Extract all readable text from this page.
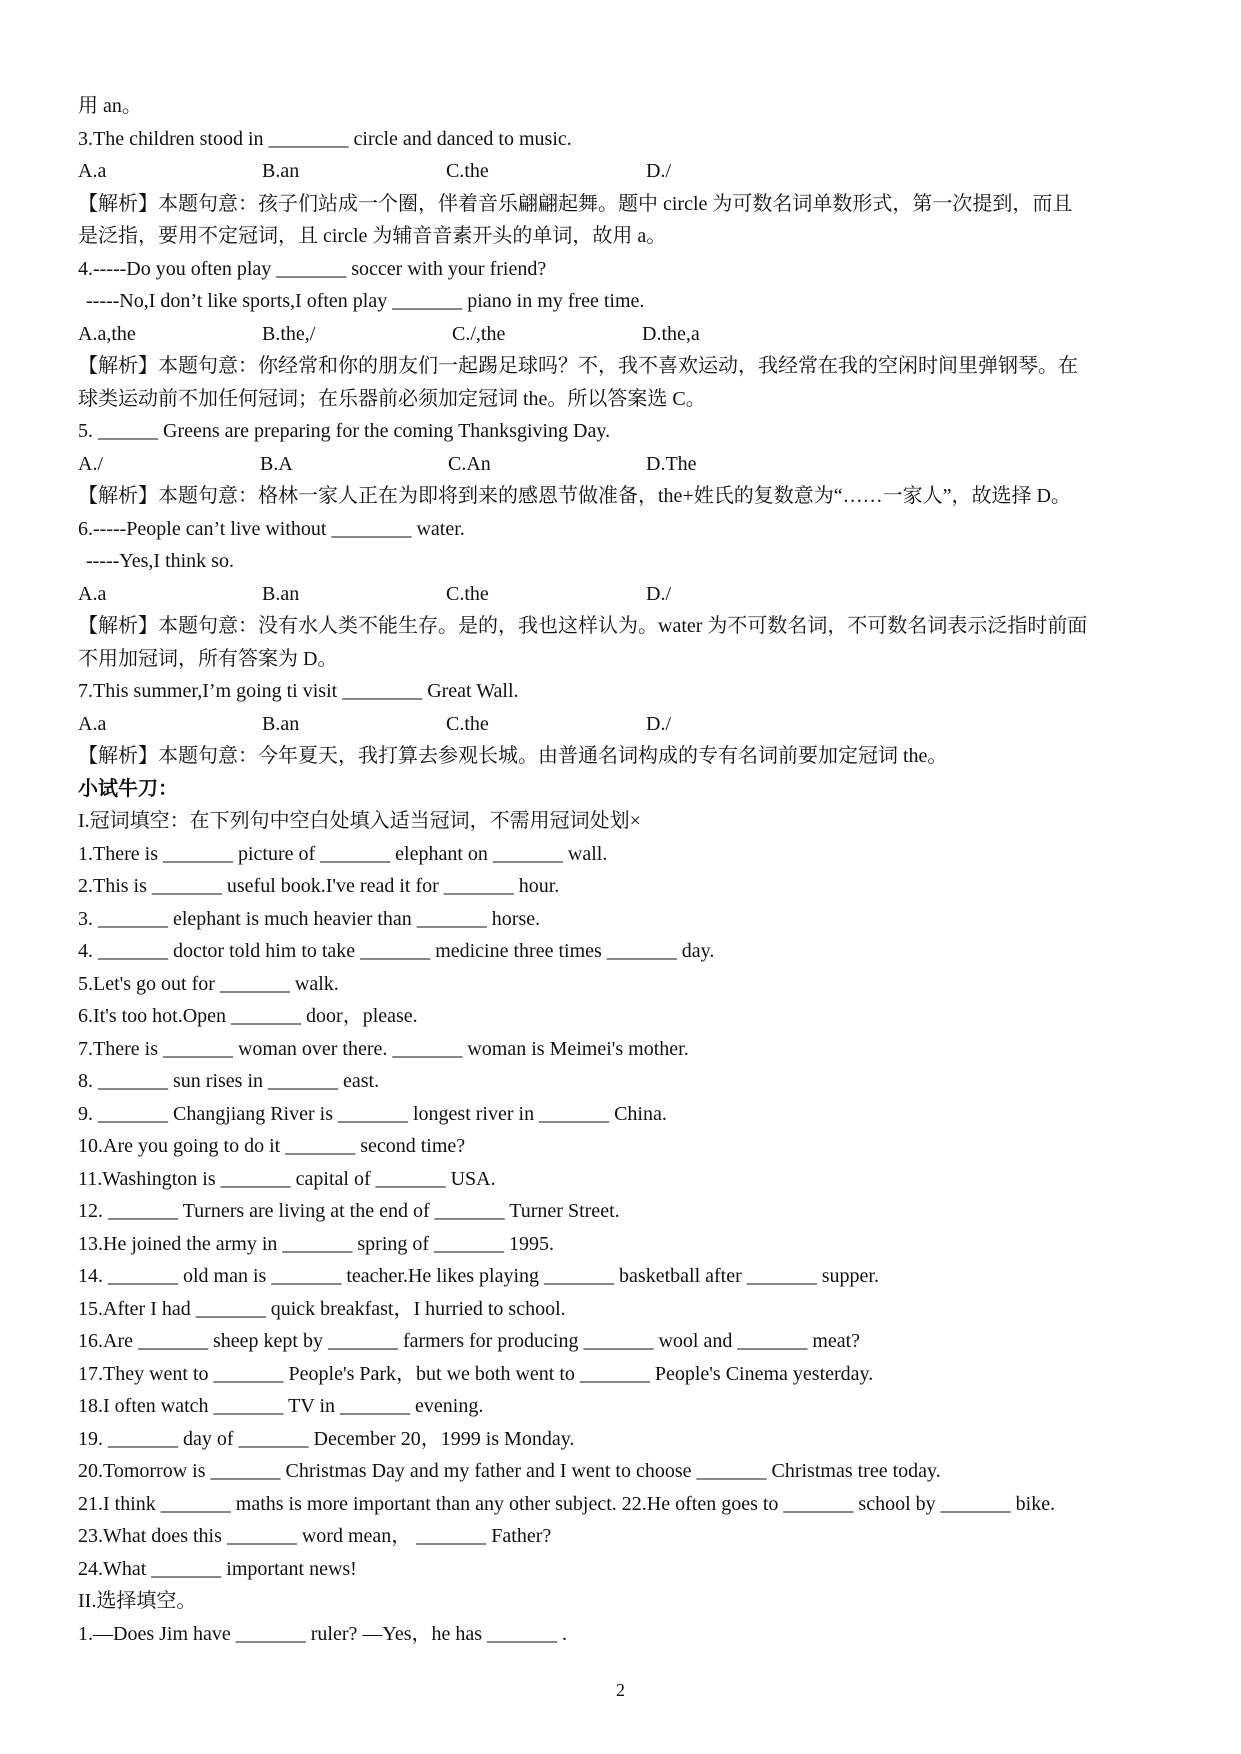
用 an。
3.The children stood in ________ circle and danced to music.
A.a	B.an	C.the	D./
【解析】本题句意：孩子们站成一个圈，伴着音乐翩翩起舞。题中 circle 为可数名词单数形式，第一次提到，而且
是泛指，要用不定冠词，且 circle 为辅音音素开头的单词，故用 a。
4.-----Do you often play _______ soccer with your friend?
-----No,I don’t like sports,I often play _______ piano in my free time.
A.a,the	B.the,/	C./,the	D.the,a
【解析】本题句意：你经常和你的朋友们一起踢足球吗？不，我不喜欢运动，我经常在我的空闲时间里弹钢琴。在
球类运动前不加任何冠词；在乐器前必须加定冠词 the。所以答案选 C。
5. ______ Greens are preparing for the coming Thanksgiving Day.
A./	B.A	C.An	D.The
【解析】本题句意：格林一家人正在为即将到来的感恩节做准备，the+姓氏的复数意为“……一家人”，故选择 D。
6.-----People can’t live without ________ water.
-----Yes,I think so.
A.a	B.an	C.the	D./
【解析】本题句意：没有水人类不能生存。是的，我也这样认为。water 为不可数名词，不可数名词表示泛指时前面
不用加冠词，所有答案为 D。
7.This summer,I’m going ti visit ________ Great Wall.
A.a	B.an	C.the	D./
【解析】本题句意：今年夏天，我打算去参观长城。由普通名词构成的专有名词前要加定冠词 the。
小试牛刀：
I.冠词填空：在下列句中空白处填入适当冠词，不需用冠词处划×
1.There is _______ picture of _______ elephant on _______ wall.
2.This is _______ useful book.I've read it for _______ hour.
3. _______ elephant is much heavier than _______ horse.
4. _______ doctor told him to take _______ medicine three times _______ day.
5.Let's go out for _______ walk.
6.It's too hot.Open _______ door，please.
7.There is _______ woman over there. _______ woman is Meimei's mother.
8. _______ sun rises in _______ east.
9. _______ Changjiang River is _______ longest river in _______ China.
10.Are you going to do it _______ second time?
11.Washington is _______ capital of _______ USA.
12. _______ Turners are living at the end of _______ Turner Street.
13.He joined the army in _______ spring of _______ 1995.
14. _______ old man is _______ teacher.He likes playing _______ basketball after _______ supper.
15.After I had _______ quick breakfast，I hurried to school.
16.Are _______ sheep kept by _______ farmers for producing _______ wool and _______ meat?
17.They went to _______ People's Park，but we both went to _______ People's Cinema yesterday.
18.I often watch _______ TV in _______ evening.
19. _______ day of _______ December 20，1999 is Monday.
20.Tomorrow is _______ Christmas Day and my father and I went to choose _______ Christmas tree today.
21.I think _______ maths is more important than any other subject. 22.He often goes to _______ school by _______ bike.
23.What does this _______ word mean， _______ Father?
24.What _______ important news!
II.选择填空。
1.—Does Jim have _______ ruler? —Yes，he has _______ .
2
